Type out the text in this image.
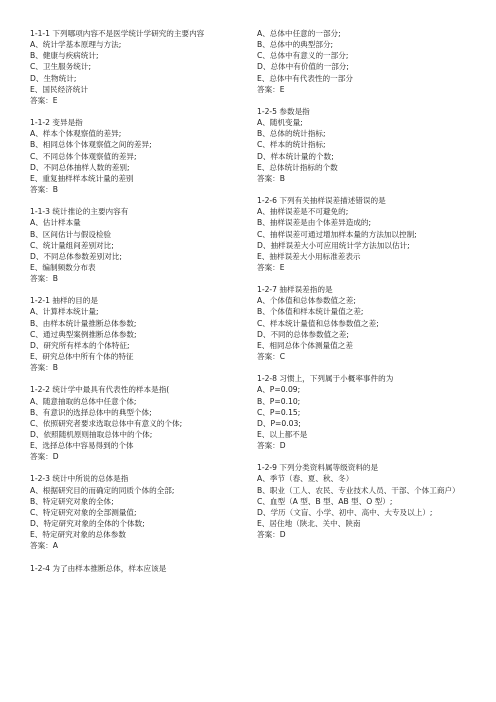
1-1-1 下列哪项内容不是医学统计学研究的主要内容
A、统计学基本原理与方法;
B、健康与疾病统计;
C、卫生服务统计;
D、生物统计;
E、国民经济统计
答案：E
1-1-2 变异是指
A、样本个体观察值的差异;
B、相同总体个体观察值之间的差异;
C、不同总体个体观察值的差异;
D、不同总体抽样人数的差别;
E、重复抽样样本统计量的差别
答案：B
1-1-3 统计推论的主要内容有
A、估计样本量
B、区间估计与假设检验
C、统计量组间差别对比;
D、不同总体参数差别对比;
E、编制频数分布表
答案：B
1-2-1 抽样的目的是
A、计算样本统计量;
B、由样本统计量推断总体参数;
C、通过典型案例推断总体参数;
D、研究所有样本的个体特征;
E、研究总体中所有个体的特征
答案：B
1-2-2 统计学中最具有代表性的样本是指(
A、随意抽取的总体中任意个体;
B、有意识的选择总体中的典型个体;
C、依照研究者要求选取总体中有意义的个体;
D、依照随机原则抽取总体中的个体;
E、选择总体中容易得到的个体
答案：D
1-2-3 统计中所说的总体是指
A、根据研究目的而确定的同质个体的全部;
B、特定研究对象的全体;
C、特定研究对象的全部测量值;
D、特定研究对象的全体的个体数;
E、特定研究对象的总体参数
答案：A
1-2-4 为了由样本推断总体，样本应该是
A、总体中任意的一部分;
B、总体中的典型部分;
C、总体中有意义的一部分;
D、总体中有价值的一部分;
E、总体中有代表性的一部分
答案：E
1-2-5 参数是指
A、随机变量;
B、总体的统计指标;
C、样本的统计指标;
D、样本统计量的个数;
E、总体统计指标的个数
答案：B
1-2-6 下列有关抽样误差描述错误的是
A、抽样误差是不可避免的;
B、抽样误差是由个体差异造成的;
C、抽样误差可通过增加样本量的方法加以控制;
D、抽样误差大小可应用统计学方法加以估计;
E、抽样误差大小用标准差表示
答案：E
1-2-7 抽样误差指的是
A、个体值和总体参数值之差;
B、个体值和样本统计量值之差;
C、样本统计量值和总体参数值之差;
D、不同的总体参数值之差;
E、相同总体个体测量值之差
答案：C
1-2-8 习惯上，下列属于小概率事件的为
A、P=0.09;
B、P=0.10;
C、P=0.15;
D、P=0.03;
E、以上都不是
答案：D
1-2-9 下列分类资料属等级资料的是
A、季节（春、夏、秋、冬）
B、职业（工人、农民、专业技术人员、干部、个体工商户）
C、血型（A 型、B 型、AB 型、O 型）;
D、学历（文盲、小学、初中、高中、大专及以上）;
E、居住地（陕北、关中、陕南
答案：D
